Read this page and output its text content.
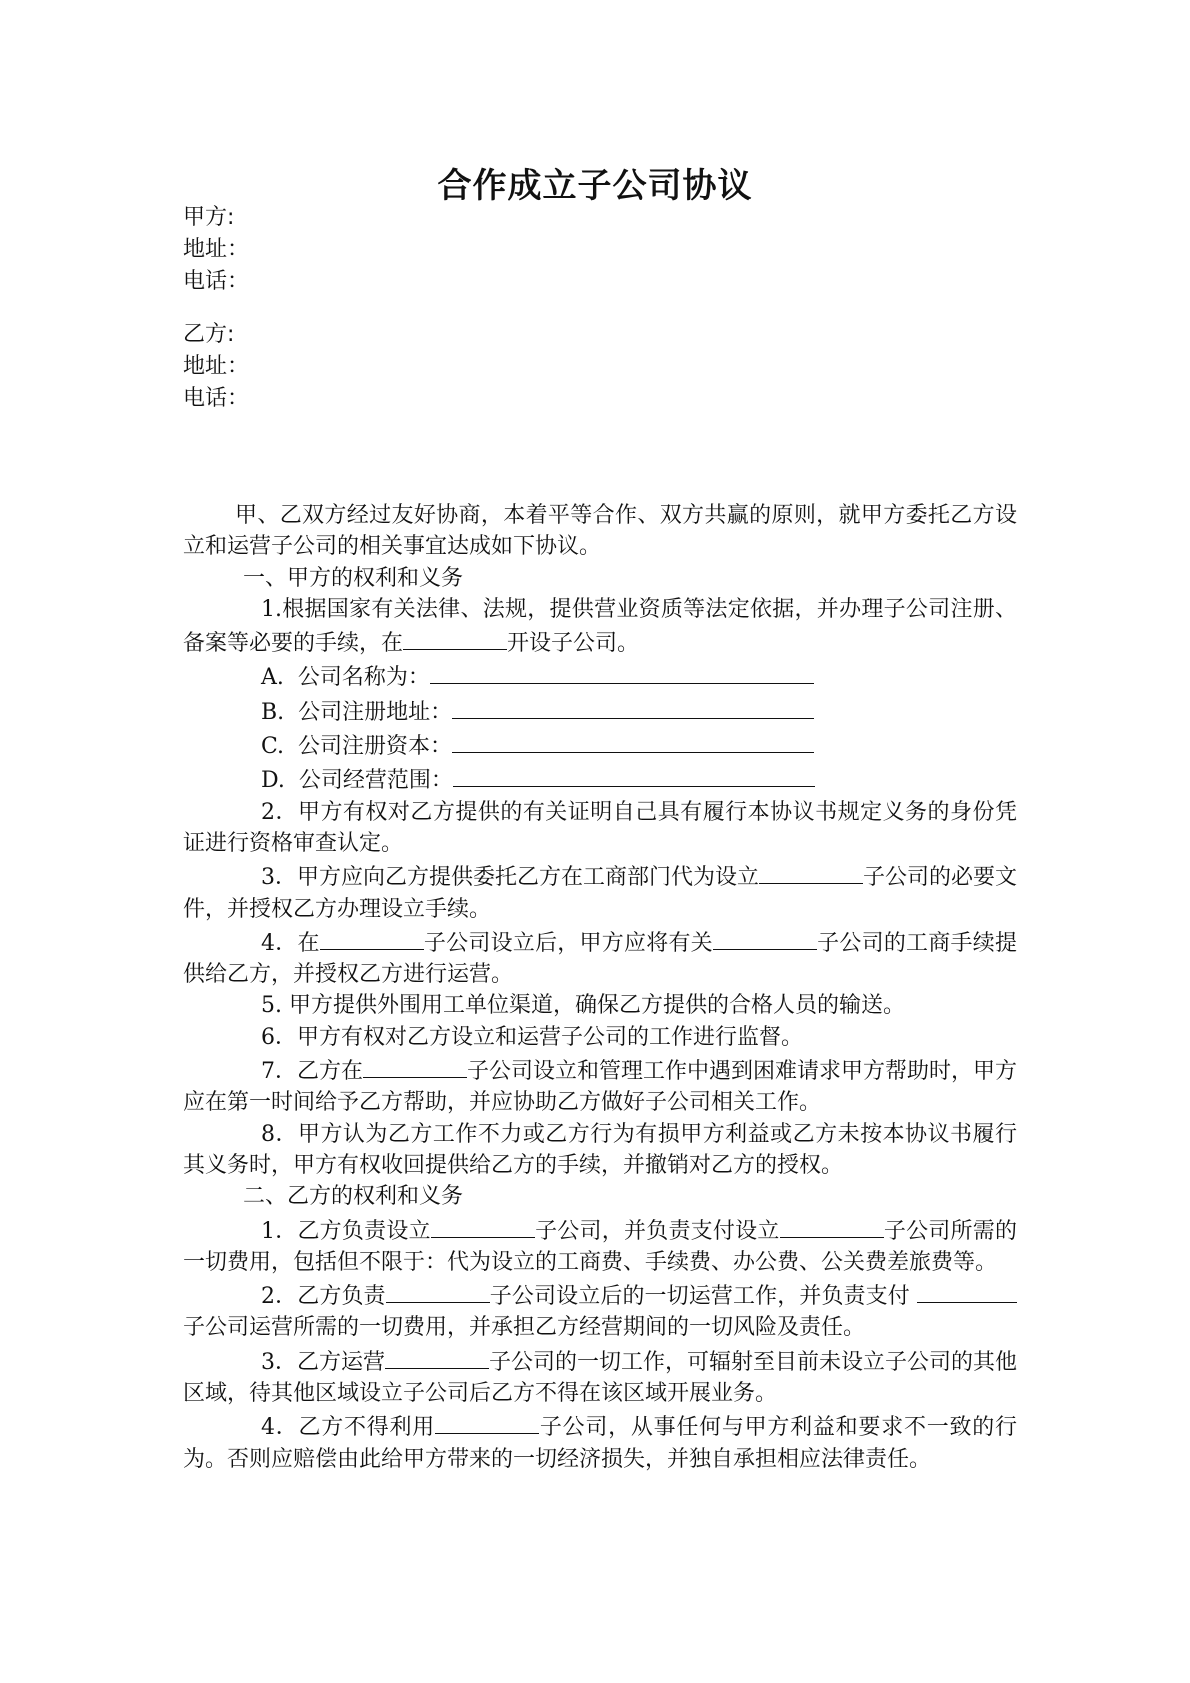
合作成立子公司协议
甲方:
地址：
电话：
乙方:
地址：
电话：

甲、乙双方经过友好协商，本着平等合作、双方共赢的原则，就甲方委托乙方设立和运营子公司的相关事宜达成如下协议。

一、甲方的权利和义务

1.根据国家有关法律、法规，提供营业资质等法定依据，并办理子公司注册、备案等必要的手续，在	开设子公司。

A.  公司名称为：

B.  公司注册地址：

C.  公司注册资本：

D.  公司经营范围：

2．甲方有权对乙方提供的有关证明自己具有履行本协议书规定义务的身份凭证进行资格审查认定。

3．甲方应向乙方提供委托乙方在工商部门代为设立	子公司的必要文件，并授权乙方办理设立手续。

4．在	子公司设立后，甲方应将有关	子公司的工商手续提供给乙方，并授权乙方进行运营。

5. 甲方提供外围用工单位渠道，确保乙方提供的合格人员的输送。

6．甲方有权对乙方设立和运营子公司的工作进行监督。

7．乙方在	子公司设立和管理工作中遇到困难请求甲方帮助时，甲方应在第一时间给予乙方帮助，并应协助乙方做好子公司相关工作。

8．甲方认为乙方工作不力或乙方行为有损甲方利益或乙方未按本协议书履行其义务时，甲方有权收回提供给乙方的手续，并撤销对乙方的授权。

二、乙方的权利和义务

1．乙方负责设立	子公司，并负责支付设立	子公司所需的一切费用，包括但不限于：代为设立的工商费、手续费、办公费、公关费差旅费等。

2．乙方负责	子公司设立后的一切运营工作，并负责支付 子公司运营所需的一切费用，并承担乙方经营期间的一切风险及责任。

3．乙方运营	子公司的一切工作，可辐射至目前未设立子公司的其他区域，待其他区域设立子公司后乙方不得在该区域开展业务。

4．乙方不得利用	子公司，从事任何与甲方利益和要求不一致的行为。否则应赔偿由此给甲方带来的一切经济损失，并独自承担相应法律责任。
